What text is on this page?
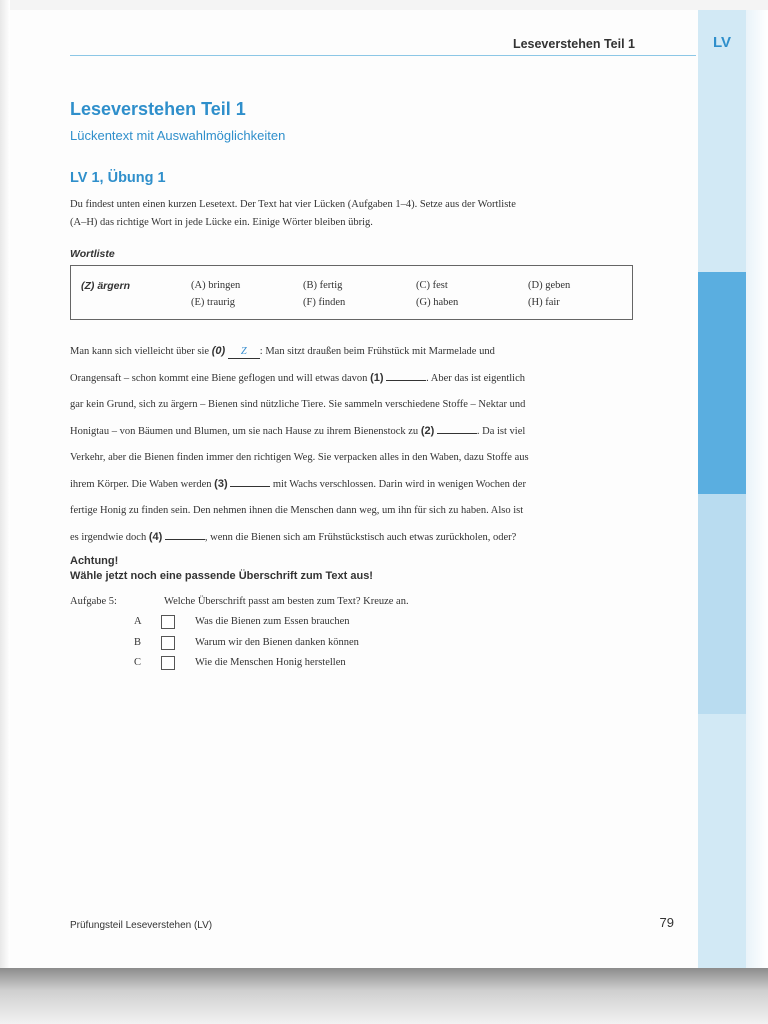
LV
Leseverstehen Teil 1
Leseverstehen Teil 1
Lückentext mit Auswahlmöglichkeiten
LV 1, Übung 1
Du findest unten einen kurzen Lesetext. Der Text hat vier Lücken (Aufgaben 1–4). Setze aus der Wortliste
(A–H) das richtige Wort in jede Lücke ein. Einige Wörter bleiben übrig.
Wortliste
(Z) ärgern	(A) bringen	(B) fertig	(C) fest	(D) geben
(E) traurig	(F) finden	(G) haben	(H) fair
Man kann sich vielleicht über sie (0) Z : Man sitzt draußen beim Frühstück mit Marmelade und
Orangensaft – schon kommt eine Biene geflogen und will etwas davon (1)	. Aber das ist eigentlich
gar kein Grund, sich zu ärgern – Bienen sind nützliche Tiere. Sie sammeln verschiedene Stoffe – Nektar und
Honigtau – von Bäumen und Blumen, um sie nach Hause zu ihrem Bienenstock zu (2)	. Da ist viel
Verkehr, aber die Bienen finden immer den richtigen Weg. Sie verpacken alles in den Waben, dazu Stoffe aus
ihrem Körper. Die Waben werden (3)	mit Wachs verschlossen. Darin wird in wenigen Wochen der
fertige Honig zu finden sein. Den nehmen ihnen die Menschen dann weg, um ihn für sich zu haben. Also ist
es irgendwie doch (4)	, wenn die Bienen sich am Frühstückstisch auch etwas zurückholen, oder?
Achtung!
Wähle jetzt noch eine passende Überschrift zum Text aus!
Aufgabe 5:	Welche Überschrift passt am besten zum Text? Kreuze an.
A	Was die Bienen zum Essen brauchen
B	Warum wir den Bienen danken können
C	Wie die Menschen Honig herstellen
Prüfungsteil Leseverstehen (LV)	79
